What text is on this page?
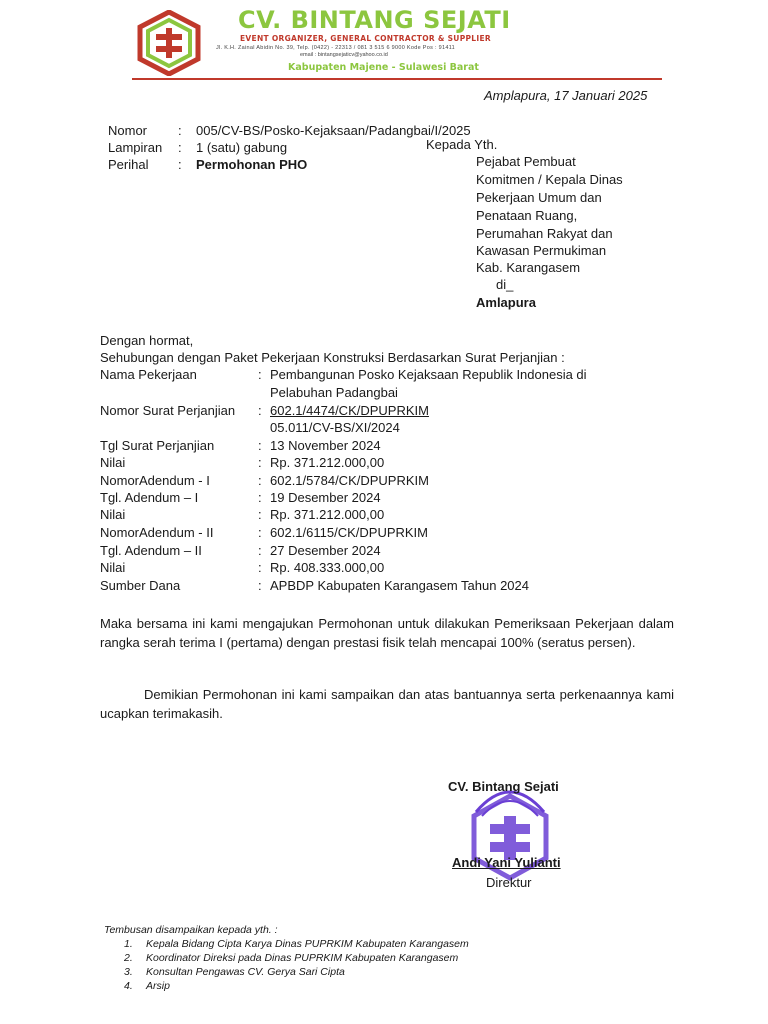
CV. BINTANG SEJATI
EVENT ORGANIZER, GENERAL CONTRACTOR & SUPPLIER
Jl. K.H. Zainal Abidin No. 39, Telp. (0422) - 22313 / 081 3 515 6 9000 Kode Pos : 91411
email : bintangsejaticv@yahoo.co.id
Kabupaten Majene - Sulawesi Barat
Amplapura, 17 Januari 2025
Nomor : 005/CV-BS/Posko-Kejaksaan/Padangbai/I/2025
Lampiran : 1 (satu) gabung
Perihal : Permohonan PHO
Kepada Yth.
Pejabat Pembuat
Komitmen / Kepala Dinas
Pekerjaan Umum dan
Penataan Ruang,
Perumahan Rakyat dan
Kawasan Permukiman
Kab. Karangasem
di_
Amlapura
Dengan hormat,
Sehubungan dengan Paket Pekerjaan Konstruksi Berdasarkan Surat Perjanjian :
Nama Pekerjaan	: Pembangunan Posko Kejaksaan Republik Indonesia di
Pelabuhan Padangbai
Nomor Surat Perjanjian : 602.1/4474/CK/DPUPRKIM
05.011/CV-BS/XI/2024
Tgl Surat Perjanjian	: 13 November 2024
Nilai	: Rp. 371.212.000,00
NomorAdendum - I	: 602.1/5784/CK/DPUPRKIM
Tgl. Adendum – I	: 19 Desember 2024
Nilai	: Rp. 371.212.000,00
NomorAdendum - II	: 602.1/6115/CK/DPUPRKIM
Tgl. Adendum – II	: 27 Desember 2024
Nilai	: Rp. 408.333.000,00
Sumber Dana	: APBDP Kabupaten Karangasem Tahun 2024
Maka bersama ini kami mengajukan Permohonan untuk dilakukan Pemeriksaan Pekerjaan dalam rangka serah terima I (pertama) dengan prestasi fisik telah mencapai 100% (seratus persen).
Demikian Permohonan ini kami sampaikan dan atas bantuannya serta perkenaannya kami ucapkan terimakasih.
CV. Bintang Sejati
Andi Yani Yulianti
Direktur
Tembusan disampaikan kepada yth. :
1. Kepala Bidang Cipta Karya Dinas PUPRKIM Kabupaten Karangasem
2. Koordinator Direksi pada Dinas PUPRKIM Kabupaten Karangasem
3. Konsultan Pengawas CV. Gerya Sari Cipta
4. Arsip
